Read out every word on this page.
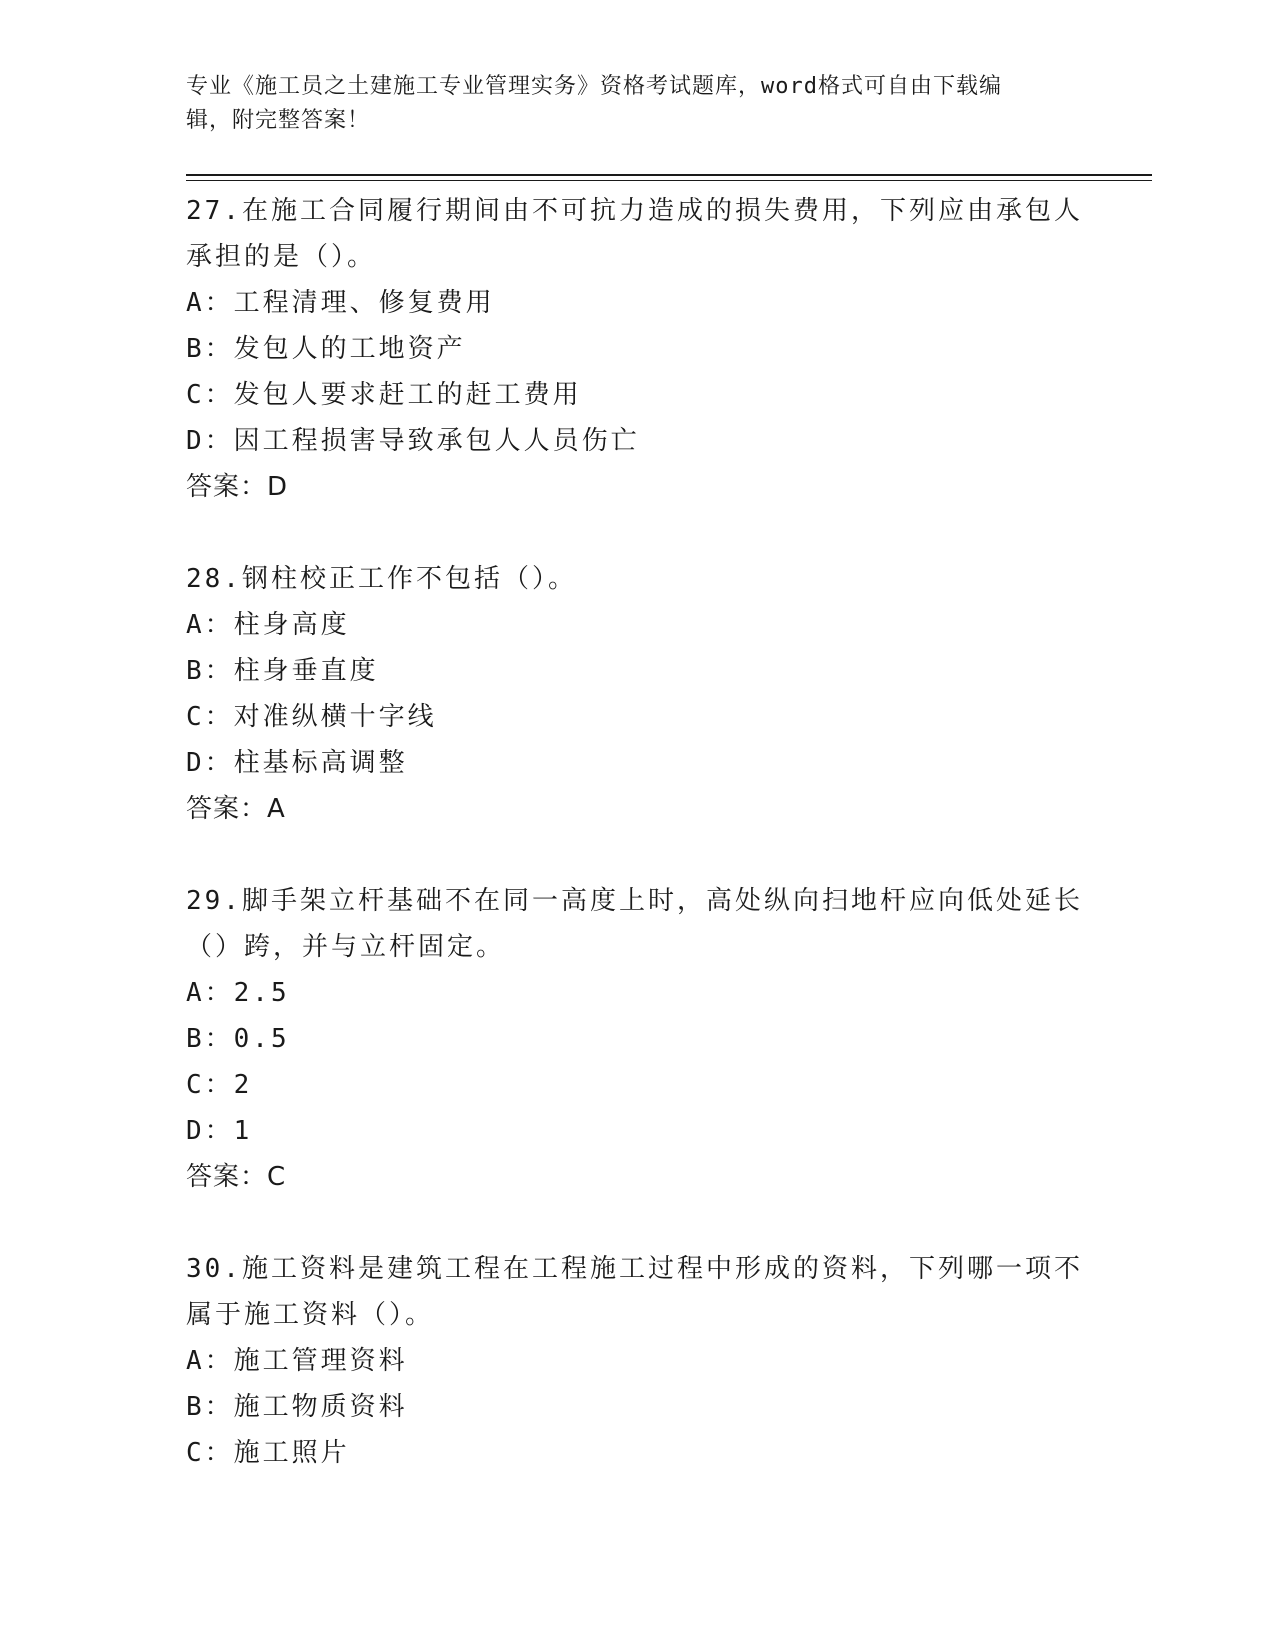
专业《施工员之土建施工专业管理实务》资格考试题库，word格式可自由下载编
辑，附完整答案！
27.在施工合同履行期间由不可抗力造成的损失费用，下列应由承包人
承担的是（）。
A：工程清理、修复费用
B：发包人的工地资产
C：发包人要求赶工的赶工费用
D：因工程损害导致承包人人员伤亡
答案：D
28.钢柱校正工作不包括（）。
A：柱身高度
B：柱身垂直度
C：对准纵横十字线
D：柱基标高调整
答案：A
29.脚手架立杆基础不在同一高度上时，高处纵向扫地杆应向低处延长
（）跨，并与立杆固定。
A：2.5
B：0.5
C：2
D：1
答案：C
30.施工资料是建筑工程在工程施工过程中形成的资料，下列哪一项不
属于施工资料（）。
A：施工管理资料
B：施工物质资料
C：施工照片
